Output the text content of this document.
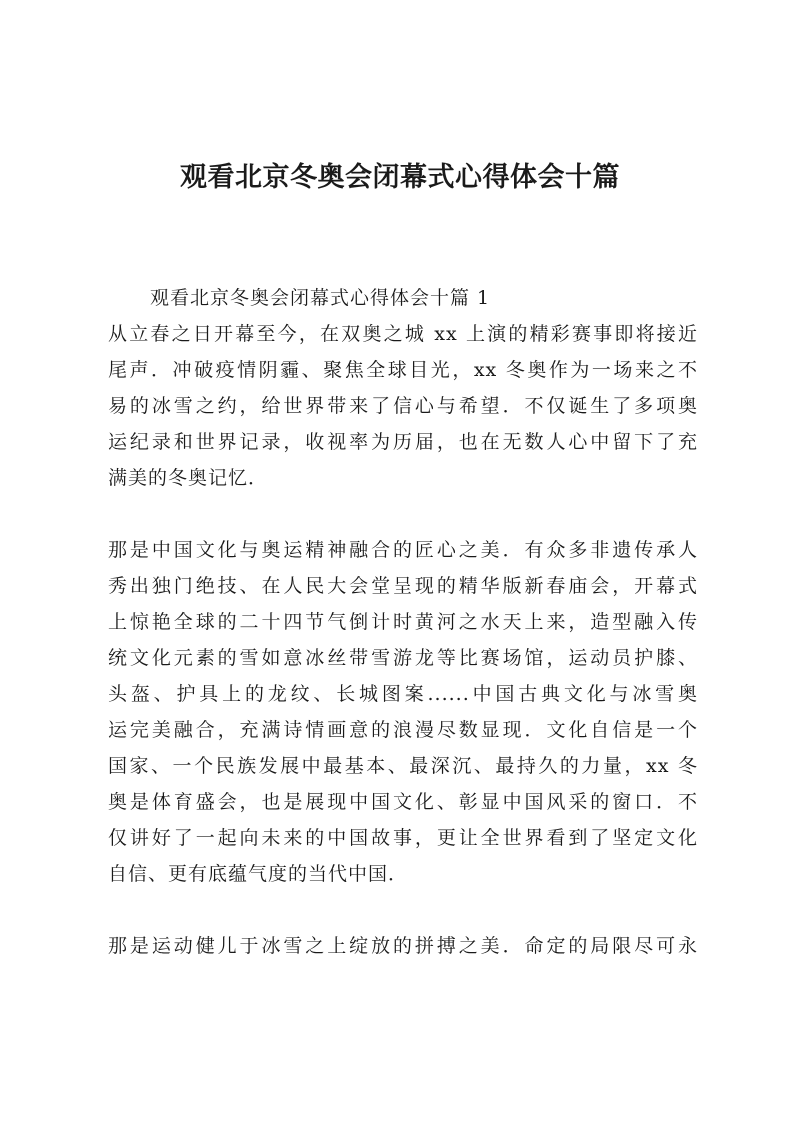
观看北京冬奥会闭幕式心得体会十篇
观看北京冬奥会闭幕式心得体会十篇 1
从立春之日开幕至今，在双奥之城 xx 上演的精彩赛事即将接近
尾声．冲破疫情阴霾、聚焦全球目光，xx 冬奥作为一场来之不
易的冰雪之约，给世界带来了信心与希望．不仅诞生了多项奥
运纪录和世界记录，收视率为历届，也在无数人心中留下了充
满美的冬奥记忆．
那是中国文化与奥运精神融合的匠心之美．有众多非遗传承人
秀出独门绝技、在人民大会堂呈现的精华版新春庙会，开幕式
上惊艳全球的二十四节气倒计时黄河之水天上来，造型融入传
统文化元素的雪如意冰丝带雪游龙等比赛场馆，运动员护膝、
头盔、护具上的龙纹、长城图案......中国古典文化与冰雪奥
运完美融合，充满诗情画意的浪漫尽数显现．文化自信是一个
国家、一个民族发展中最基本、最深沉、最持久的力量，xx 冬
奥是体育盛会，也是展现中国文化、彰显中国风采的窗口．不
仅讲好了一起向未来的中国故事，更让全世界看到了坚定文化
自信、更有底蕴气度的当代中国．
那是运动健儿于冰雪之上绽放的拼搏之美．命定的局限尽可永
